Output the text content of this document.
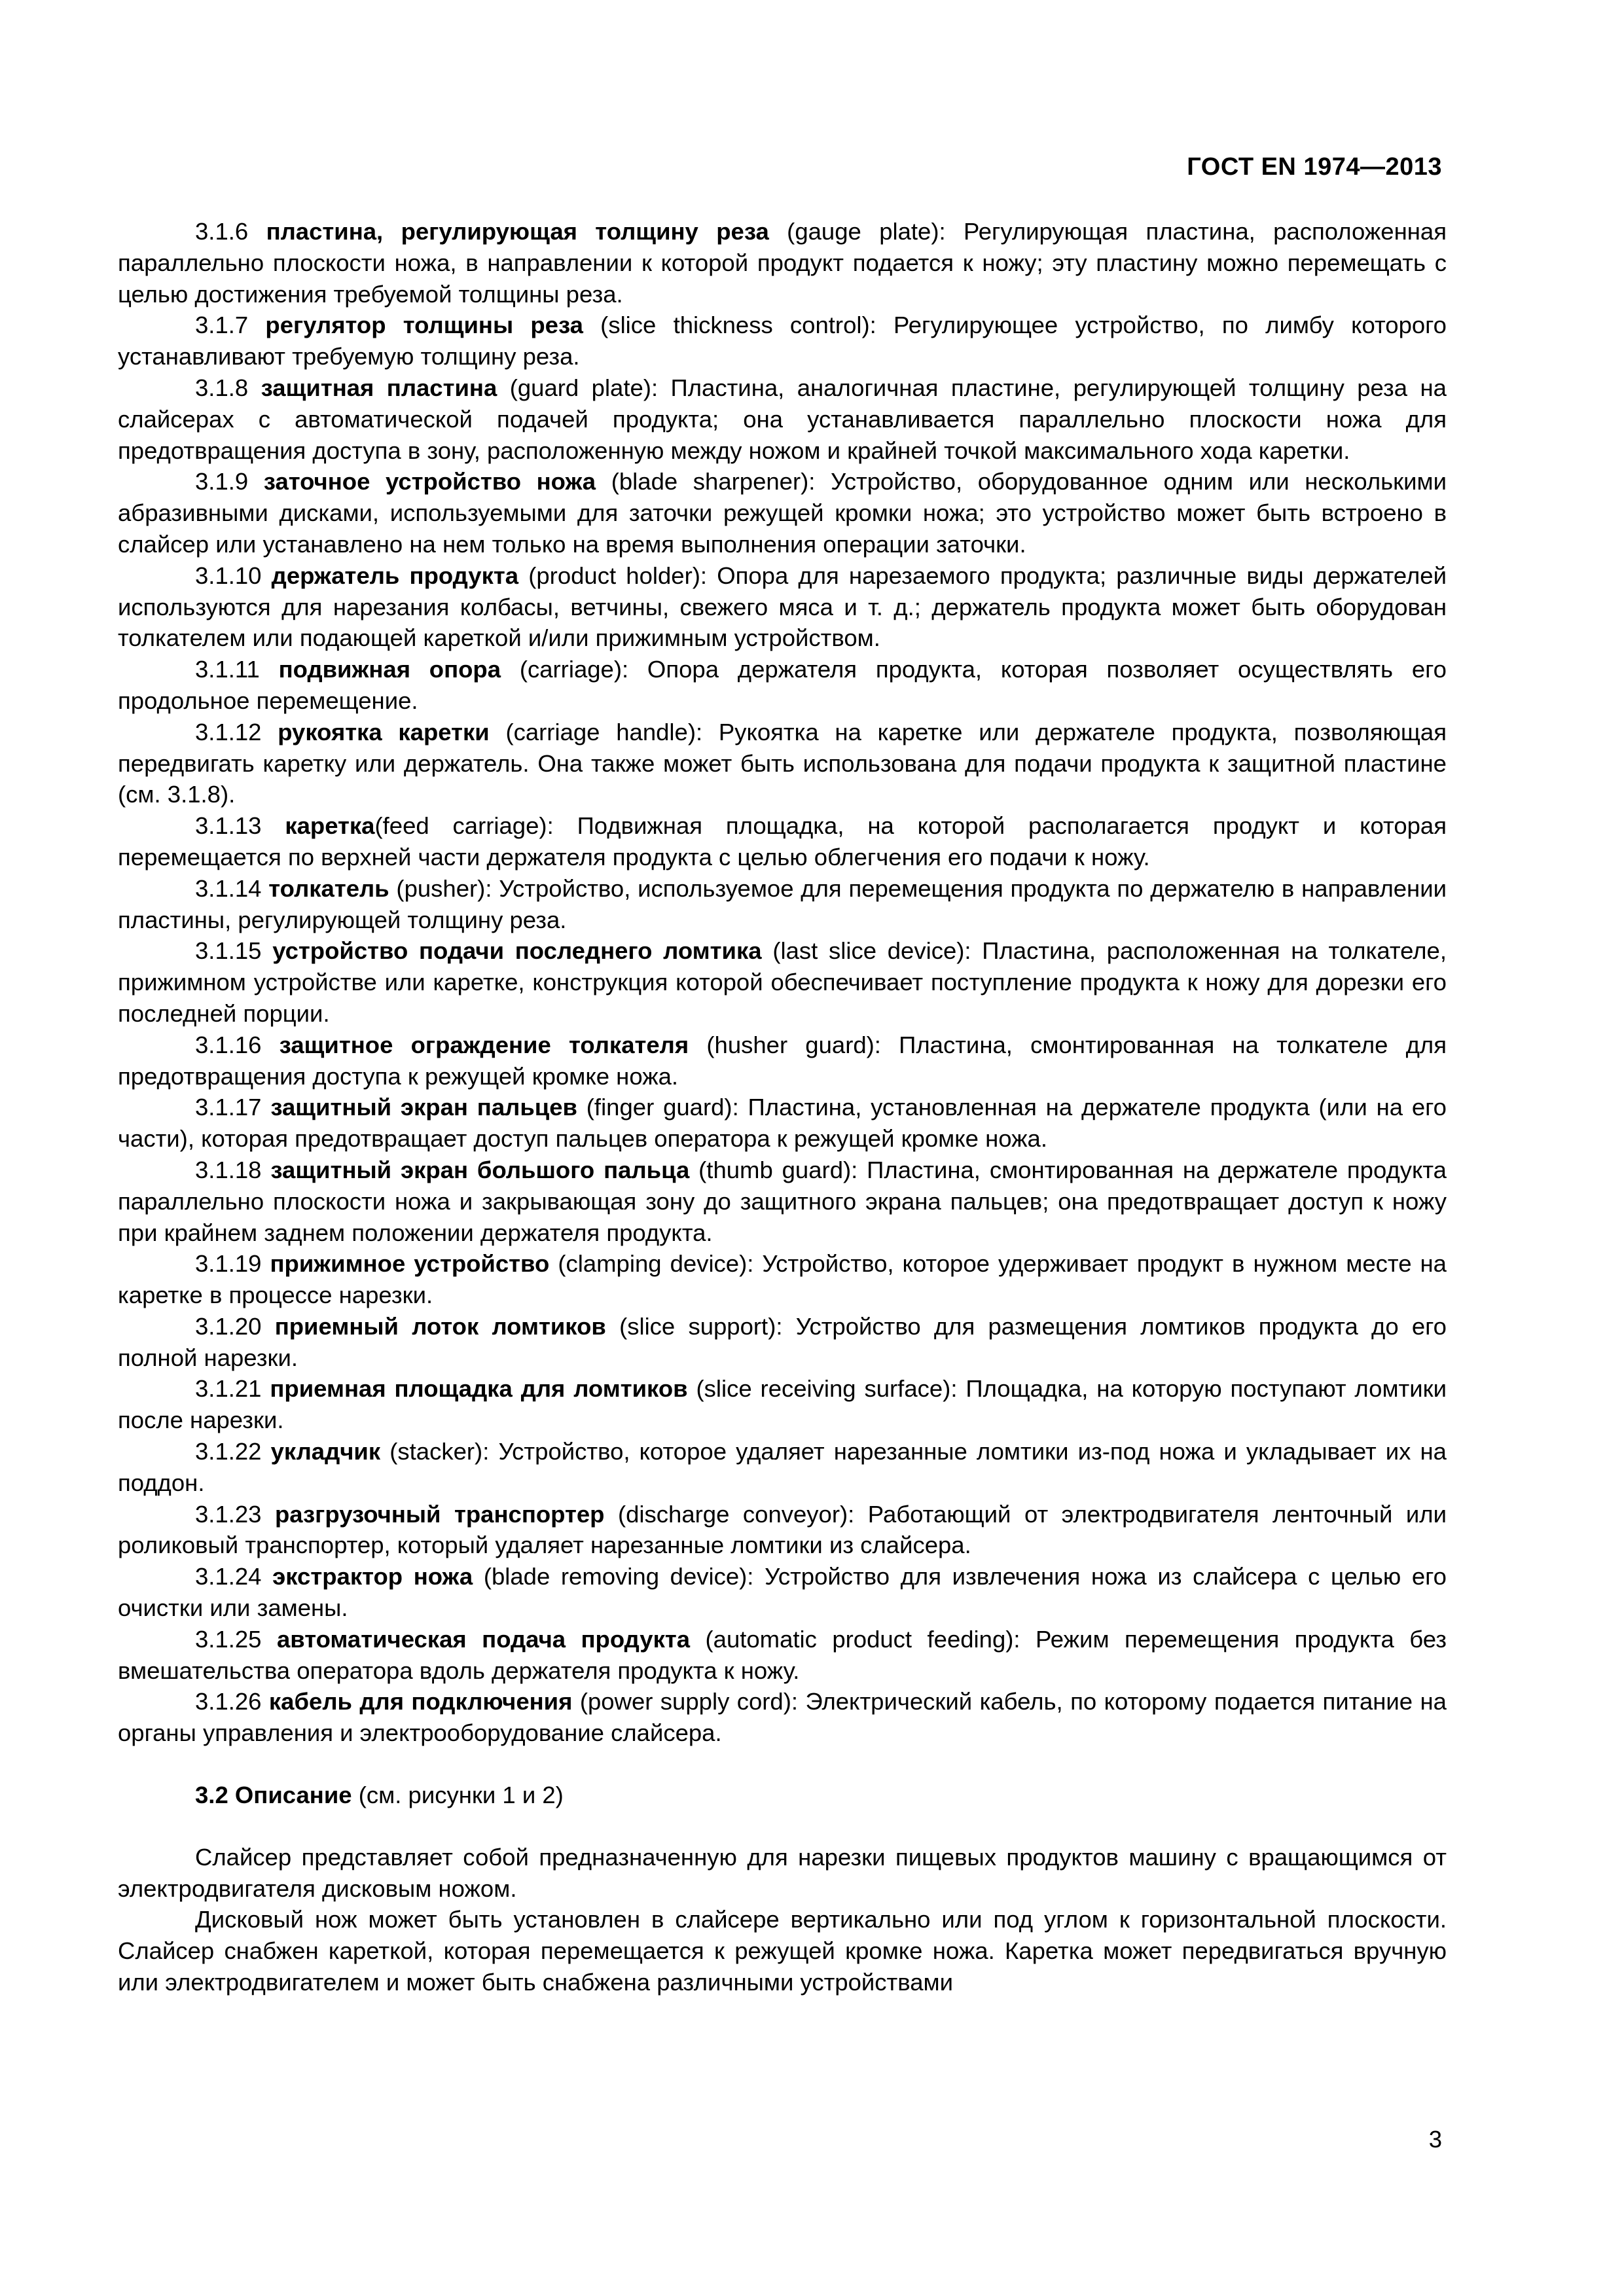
ГОСТ EN 1974—2013

3.1.6 пластина, регулирующая толщину реза (gauge plate): Регулирующая пластина, расположенная параллельно плоскости ножа, в направлении к которой продукт подается к ножу; эту пластину можно перемещать с целью достижения требуемой толщины реза.

3.1.7 регулятор толщины реза (slice thickness control): Регулирующее устройство, по лимбу которого устанавливают требуемую толщину реза.

3.1.8 защитная пластина (guard plate): Пластина, аналогичная пластине, регулирующей толщину реза на слайсерах с автоматической подачей продукта; она устанавливается параллельно плоскости ножа для предотвращения доступа в зону, расположенную между ножом и крайней точкой максимального хода каретки.

3.1.9 заточное устройство ножа (blade sharpener): Устройство, оборудованное одним или несколькими абразивными дисками, используемыми для заточки режущей кромки ножа; это устройство может быть встроено в слайсер или устанавлено на нем только на время выполнения операции заточки.

3.1.10 держатель продукта (product holder): Опора для нарезаемого продукта; различные виды держателей используются для нарезания колбасы, ветчины, свежего мяса и т. д.; держатель продукта может быть оборудован толкателем или подающей кареткой и/или прижимным устройством.

3.1.11 подвижная опора (carriage): Опора держателя продукта, которая позволяет осуществлять его продольное перемещение.

3.1.12 рукоятка каретки (carriage handle): Рукоятка на каретке или держателе продукта, позволяющая передвигать каретку или держатель. Она также может быть использована для подачи продукта к защитной пластине (см. 3.1.8).

3.1.13 каретка(feed carriage): Подвижная площадка, на которой располагается продукт и которая перемещается по верхней части держателя продукта с целью облегчения его подачи к ножу.

3.1.14 толкатель (pusher): Устройство, используемое для перемещения продукта по держателю в направлении пластины, регулирующей толщину реза.

3.1.15 устройство подачи последнего ломтика (last slice device): Пластина, расположенная на толкателе, прижимном устройстве или каретке, конструкция которой обеспечивает поступление продукта к ножу для дорезки его последней порции.

3.1.16 защитное ограждение толкателя (husher guard): Пластина, смонтированная на толкателе для предотвращения доступа к режущей кромке ножа.

3.1.17 защитный экран пальцев (finger guard): Пластина, установленная на держателе продукта (или на его части), которая предотвращает доступ пальцев оператора к режущей кромке ножа.

3.1.18 защитный экран большого пальца (thumb guard): Пластина, смонтированная на держателе продукта параллельно плоскости ножа и закрывающая зону до защитного экрана пальцев; она предотвращает доступ к ножу при крайнем заднем положении держателя продукта.

3.1.19 прижимное устройство (clamping device): Устройство, которое удерживает продукт в нужном месте на каретке в процессе нарезки.

3.1.20 приемный лоток ломтиков (slice support): Устройство для размещения ломтиков продукта до его полной нарезки.

3.1.21 приемная площадка для ломтиков (slice receiving surface): Площадка, на которую поступают ломтики после нарезки.

3.1.22 укладчик (stacker): Устройство, которое удаляет нарезанные ломтики из-под ножа и укладывает их на поддон.

3.1.23 разгрузочный транспортер (discharge conveyor): Работающий от электродвигателя ленточный или роликовый транспортер, который удаляет нарезанные ломтики из слайсера.

3.1.24 экстрактор ножа (blade removing device): Устройство для извлечения ножа из слайсера с целью его очистки или замены.

3.1.25 автоматическая подача продукта (automatic product feeding): Режим перемещения продукта без вмешательства оператора вдоль держателя продукта к ножу.

3.1.26 кабель для подключения (power supply cord): Электрический кабель, по которому подается питание на органы управления и электрооборудование слайсера.

3.2 Описание (см. рисунки 1 и 2)

Слайсер представляет собой предназначенную для нарезки пищевых продуктов машину с вращающимся от электродвигателя дисковым ножом.

Дисковый нож может быть установлен в слайсере вертикально или под углом к горизонтальной плоскости. Слайсер снабжен кареткой, которая перемещается к режущей кромке ножа. Каретка может передвигаться вручную или электродвигателем и может быть снабжена различными устройствами

3
